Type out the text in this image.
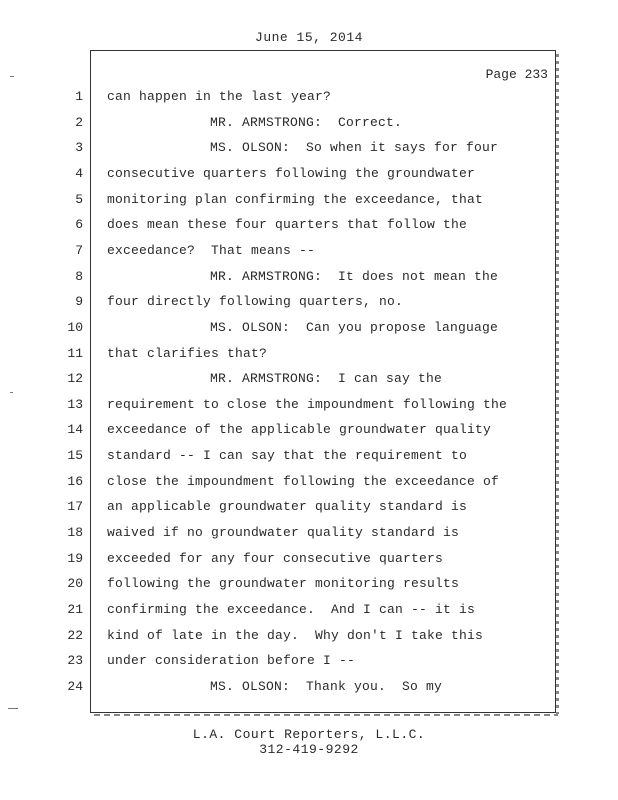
June 15, 2014
Page 233
1 can happen in the last year?
2	MR. ARMSTRONG:  Correct.
3	MS. OLSON:  So when it says for four
4 consecutive quarters following the groundwater
5 monitoring plan confirming the exceedance, that
6 does mean these four quarters that follow the
7 exceedance?  That means --
8	MR. ARMSTRONG:  It does not mean the
9 four directly following quarters, no.
10	MS. OLSON:  Can you propose language
11 that clarifies that?
12	MR. ARMSTRONG:  I can say the
13 requirement to close the impoundment following the
14 exceedance of the applicable groundwater quality
15 standard -- I can say that the requirement to
16 close the impoundment following the exceedance of
17 an applicable groundwater quality standard is
18 waived if no groundwater quality standard is
19 exceeded for any four consecutive quarters
20 following the groundwater monitoring results
21 confirming the exceedance.  And I can -- it is
22 kind of late in the day.  Why don't I take this
23 under consideration before I --
24	MS. OLSON:  Thank you.  So my
L.A. Court Reporters, L.L.C.
312-419-9292
